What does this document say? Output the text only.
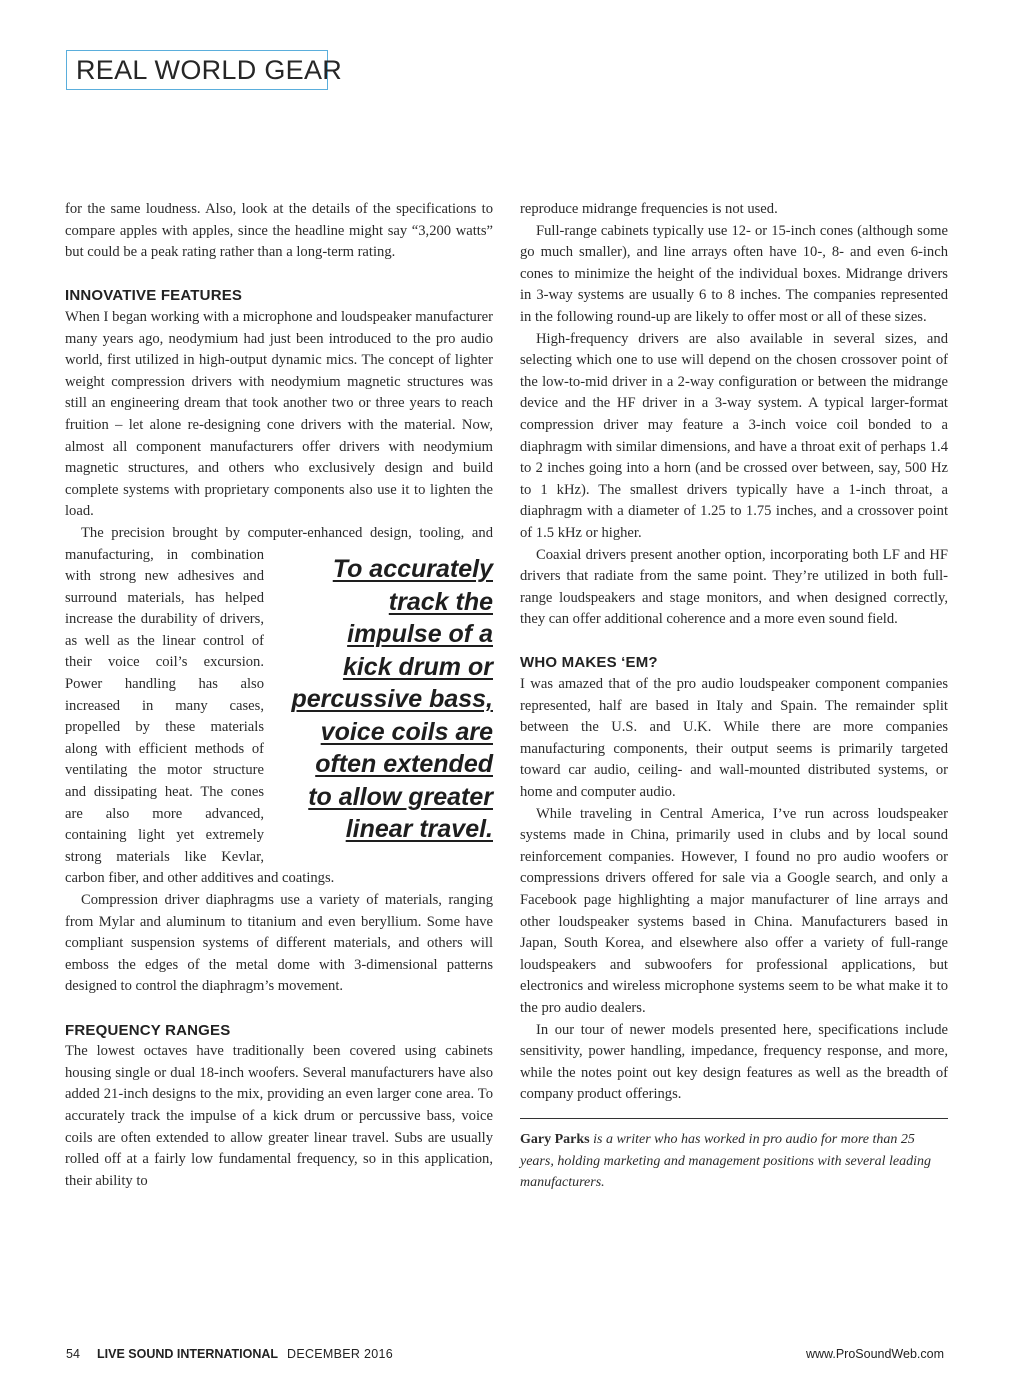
REAL WORLD GEAR
To accurately
track the
impulse of a
kick drum or
percussive bass,
voice coils are
often extended
to allow greater
linear travel.

for the same loudness. Also, look at the details of the specifications to compare apples with apples, since the headline might say “3,200 watts” but could be a peak rating rather than a long-term rating.

INNOVATIVE FEATURES

When I began working with a microphone and loudspeaker manufacturer many years ago, neodymium had just been introduced to the pro audio world, first utilized in high-output dynamic mics. The concept of lighter weight compression drivers with neodymium magnetic structures was still an engineering dream that took another two or three years to reach fruition – let alone re-designing cone drivers with the material. Now, almost all component manufacturers offer drivers with neodymium magnetic structures, and others who exclusively design and build complete systems with proprietary components also use it to lighten the load.

The precision brought by computer-enhanced design, tooling, and manufacturing, in combination with strong new adhesives and surround materials, has helped increase the durability of drivers, as well as the linear control of their voice coil’s excursion. Power handling has also increased in many cases, propelled by these materials along with efficient methods of ventilating the motor structure and dissipating heat. The cones are also more advanced, containing light yet extremely strong materials like Kevlar, carbon fiber, and other additives and coatings.

Compression driver diaphragms use a variety of materials, ranging from Mylar and aluminum to titanium and even beryllium. Some have compliant suspension systems of different materials, and others will emboss the edges of the metal dome with 3-dimensional patterns designed to control the diaphragm’s movement.

FREQUENCY RANGES

The lowest octaves have traditionally been covered using cabinets housing single or dual 18-inch woofers. Several manufacturers have also added 21-inch designs to the mix, providing an even larger cone area. To accurately track the impulse of a kick drum or percussive bass, voice coils are often extended to allow greater linear travel. Subs are usually rolled off at a fairly low fundamental frequency, so in this application, their ability to

reproduce midrange frequencies is not used.

Full-range cabinets typically use 12- or 15-inch cones (although some go much smaller), and line arrays often have 10-, 8- and even 6-inch cones to minimize the height of the individual boxes. Midrange drivers in 3-way systems are usually 6 to 8 inches. The companies represented in the following round-up are likely to offer most or all of these sizes.

High-frequency drivers are also available in several sizes, and selecting which one to use will depend on the chosen crossover point of the low-to-mid driver in a 2-way configuration or between the midrange device and the HF driver in a 3-way system. A typical larger-format compression driver may feature a 3-inch voice coil bonded to a diaphragm with similar dimensions, and have a throat exit of perhaps 1.4 to 2 inches going into a horn (and be crossed over between, say, 500 Hz to 1 kHz). The smallest drivers typically have a 1-inch throat, a diaphragm with a diameter of 1.25 to 1.75 inches, and a crossover point of 1.5 kHz or higher.

Coaxial drivers present another option, incorporating both LF and HF drivers that radiate from the same point. They’re utilized in both full-range loudspeakers and stage monitors, and when designed correctly, they can offer additional coherence and a more even sound field.

WHO MAKES ‘EM?

I was amazed that of the pro audio loudspeaker component companies represented, half are based in Italy and Spain. The remainder split between the U.S. and U.K. While there are more companies manufacturing components, their output seems is primarily targeted toward car audio, ceiling- and wall-mounted distributed systems, or home and computer audio.

While traveling in Central America, I’ve run across loudspeaker systems made in China, primarily used in clubs and by local sound reinforcement companies. However, I found no pro audio woofers or compressions drivers offered for sale via a Google search, and only a Facebook page highlighting a major manufacturer of line arrays and other loudspeaker systems based in China. Manufacturers based in Japan, South Korea, and elsewhere also offer a variety of full-range loudspeakers and subwoofers for professional applications, but electronics and wireless microphone systems seem to be what make it to the pro audio dealers.

In our tour of newer models presented here, specifications include sensitivity, power handling, impedance, frequency response, and more, while the notes point out key design features as well as the breadth of company product offerings.

Gary Parks is a writer who has worked in pro audio for more than 25 years, holding marketing and management positions with several leading manufacturers.

54 LIVE SOUND INTERNATIONAL DECEMBER 2016	www.ProSoundWeb.com
